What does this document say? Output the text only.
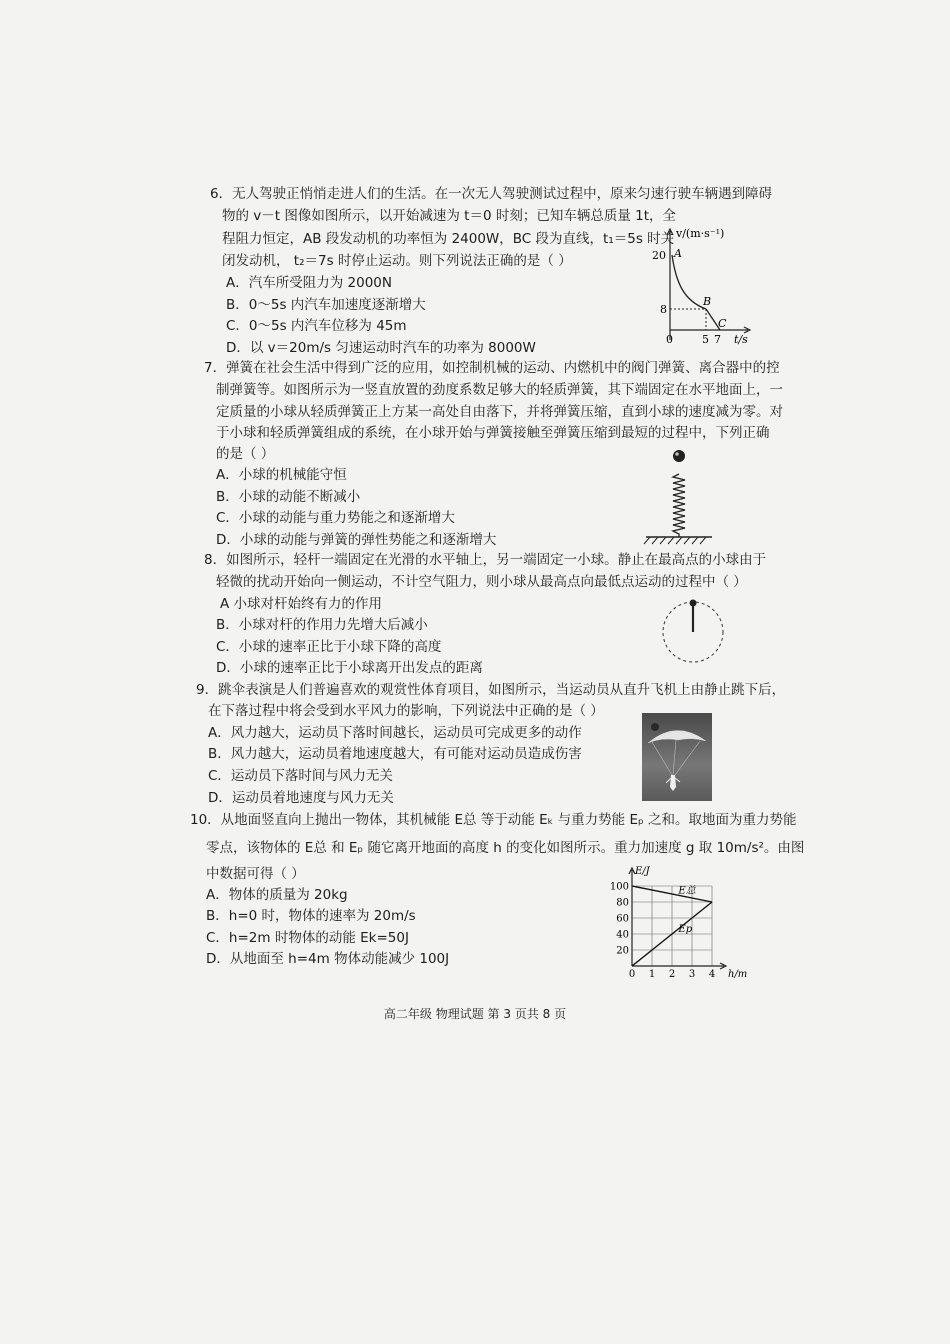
6．无人驾驶正悄悄走进人们的生活。在一次无人驾驶测试过程中，原来匀速行驶车辆遇到障碍
物的 v－t 图像如图所示，以开始减速为 t＝0 时刻；已知车辆总质量 1t，全
程阻力恒定，AB 段发动机的功率恒为 2400W，BC 段为直线，t₁＝5s 时关
闭发动机， t₂＝7s 时停止运动。则下列说法正确的是（ ）
A．汽车所受阻力为 2000N
B．0～5s 内汽车加速度逐渐增大
C．0～5s 内汽车位移为 45m
D．以 v＝20m/s 匀速运动时汽车的功率为 8000W
v/(m·s⁻¹)
20
8
0	5 7 t/s
A
B
C
7．弹簧在社会生活中得到广泛的应用，如控制机械的运动、内燃机中的阀门弹簧、离合器中的控
制弹簧等。如图所示为一竖直放置的劲度系数足够大的轻质弹簧，其下端固定在水平地面上，一
定质量的小球从轻质弹簧正上方某一高处自由落下，并将弹簧压缩，直到小球的速度减为零。对
于小球和轻质弹簧组成的系统，在小球开始与弹簧接触至弹簧压缩到最短的过程中，下列正确
的是（ ）
A．小球的机械能守恒
B．小球的动能不断减小
C．小球的动能与重力势能之和逐渐增大
D．小球的动能与弹簧的弹性势能之和逐渐增大
8．如图所示，轻杆一端固定在光滑的水平轴上，另一端固定一小球。静止在最高点的小球由于
轻微的扰动开始向一侧运动，不计空气阻力，则小球从最高点向最低点运动的过程中（ ）
A 小球对杆始终有力的作用
B．小球对杆的作用力先增大后减小
C．小球的速率正比于小球下降的高度
D．小球的速率正比于小球离开出发点的距离
9．跳伞表演是人们普遍喜欢的观赏性体育项目，如图所示，当运动员从直升飞机上由静止跳下后，
在下落过程中将会受到水平风力的影响，下列说法中正确的是（ ）
A．风力越大，运动员下落时间越长，运动员可完成更多的动作
B．风力越大，运动员着地速度越大，有可能对运动员造成伤害
C．运动员下落时间与风力无关
D．运动员着地速度与风力无关
10．从地面竖直向上抛出一物体，其机械能 E总 等于动能 Eₖ 与重力势能 Eₚ 之和。取地面为重力势能
零点，该物体的 E总 和 Eₚ 随它离开地面的高度 h 的变化如图所示。重力加速度 g 取 10m/s²。由图
中数据可得（ ）
A．物体的质量为 20kg
B．h=0 时，物体的速率为 20m/s
C．h=2m 时物体的动能 Ek=50J
D．从地面至 h=4m 物体动能减少 100J	20
40
60
80
100
0 1 2 3 4
E/J
h/m
E总
Ep
高二年级 物理试题 第 3 页共 8 页
